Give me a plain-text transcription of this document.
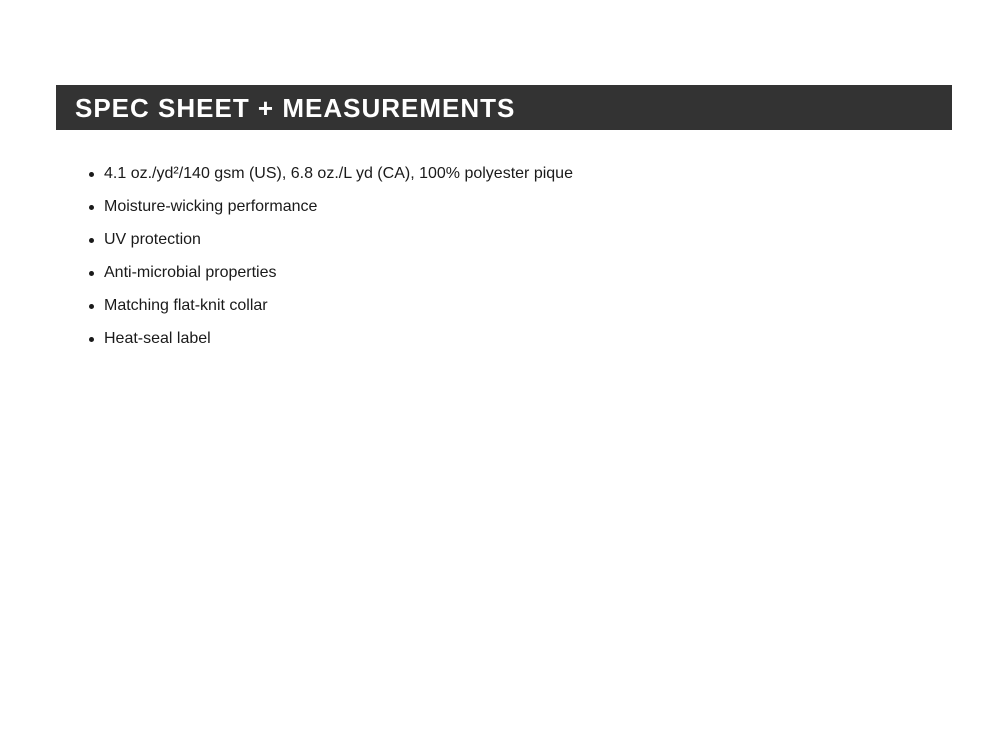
SPEC SHEET + MEASUREMENTS
4.1 oz./yd²/140 gsm (US), 6.8 oz./L yd (CA), 100% polyester pique
Moisture-wicking performance
UV protection
Anti-microbial properties
Matching flat-knit collar
Heat-seal label
